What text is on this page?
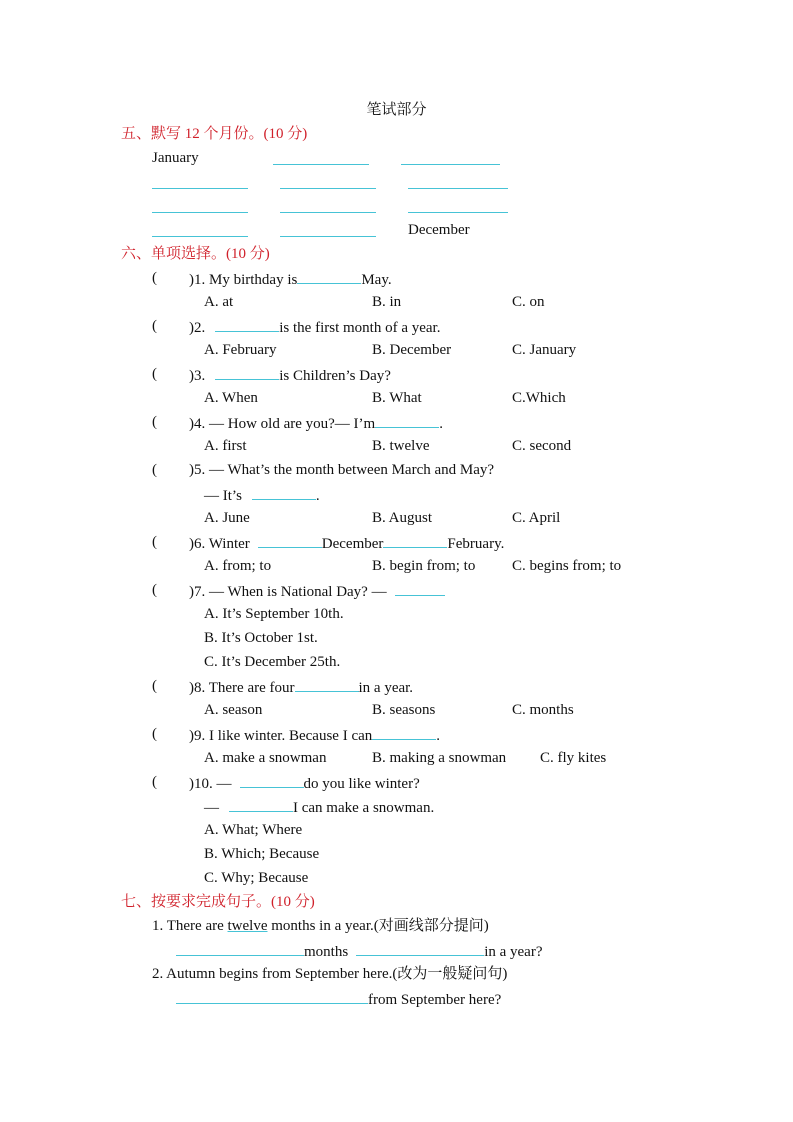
笔试部分
五、默写 12 个月份。(10 分)
January
December
六、单项选择。(10 分)
( )1. My birthday is	May.
A. at	B. in	C. on
( )2.	is the first month of a year.
A. February	B. December	C. January
( )3.	is Children’s Day?
A. When	B. What	C.Which
( )4. — How old are you?— I’m	.
A. first	B. twelve	C. second
( )5. — What’s the month between March and May?
— It’s	.
A. June	B. August	C. April
( )6. Winter	December	February.
A. from; to	B. begin from; to C. begins from; to
( )7. — When is National Day? —
A. It’s September 10th.
B. It’s October 1st.
C. It’s December 25th.
( )8. There are four	in a year.
A. season	B. seasons	C. months
( )9. I like winter. Because I can	.
A. make a snowman	B. making a snowman C. fly kites
( )10. —	do you like winter?
—	I can make a snowman.
A. What; Where
B. Which; Because
C. Why; Because
七、按要求完成句子。(10 分)
1. There are twelve months in a year.(对画线部分提问)
months	in a year?
2. Autumn begins from September here.(改为一般疑问句)
from September here?
